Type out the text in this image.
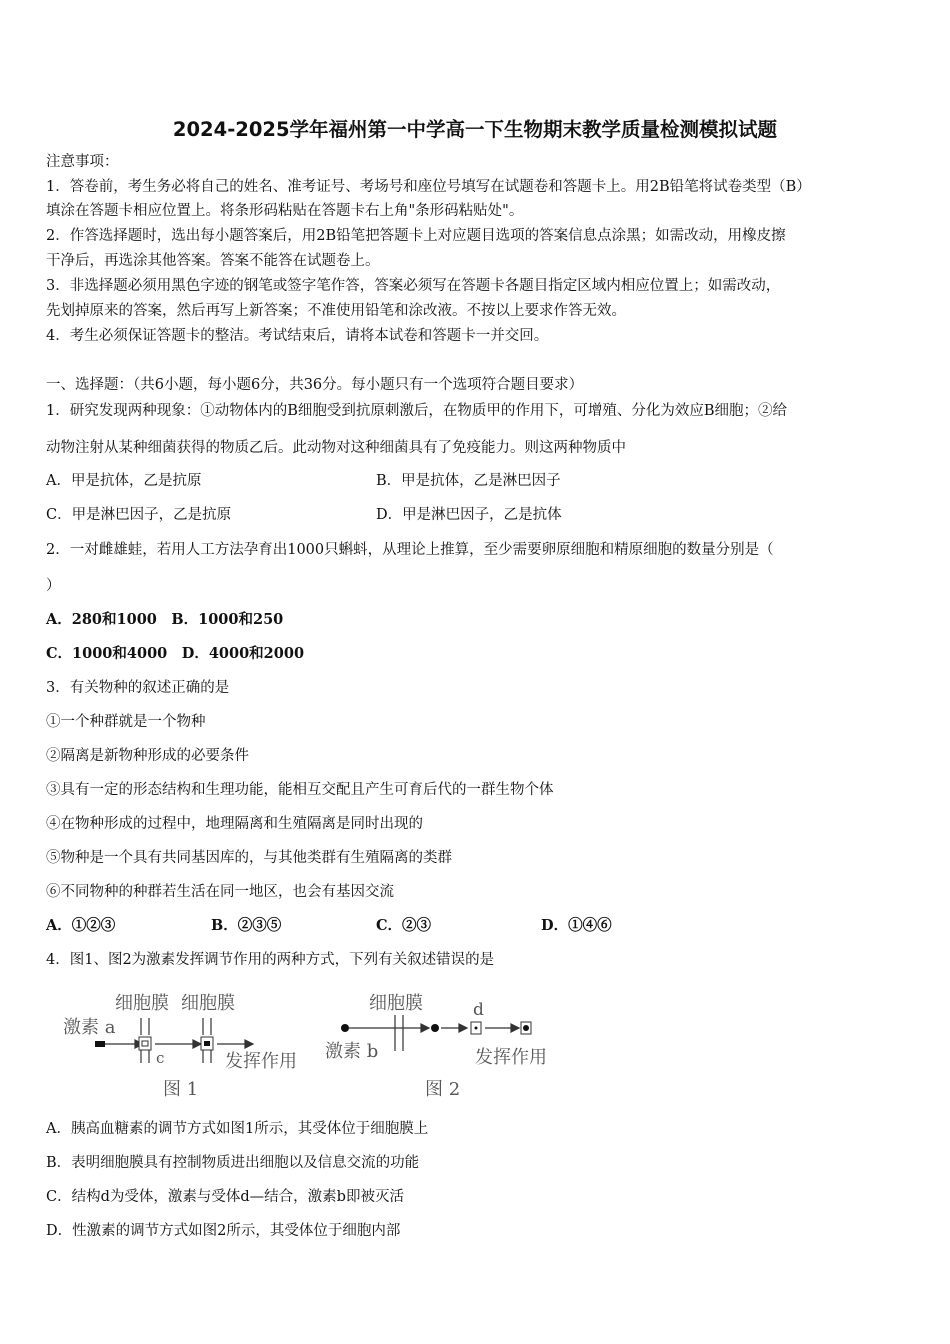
2024-2025学年福州第一中学高一下生物期末教学质量检测模拟试题
注意事项：
1．答卷前，考生务必将自己的姓名、准考证号、考场号和座位号填写在试题卷和答题卡上。用2B铅笔将试卷类型（B）
填涂在答题卡相应位置上。将条形码粘贴在答题卡右上角"条形码粘贴处"。
2．作答选择题时，选出每小题答案后，用2B铅笔把答题卡上对应题目选项的答案信息点涂黑；如需改动，用橡皮擦
干净后，再选涂其他答案。答案不能答在试题卷上。
3．非选择题必须用黑色字迹的钢笔或签字笔作答，答案必须写在答题卡各题目指定区域内相应位置上；如需改动，
先划掉原来的答案，然后再写上新答案；不准使用铅笔和涂改液。不按以上要求作答无效。
4．考生必须保证答题卡的整洁。考试结束后，请将本试卷和答题卡一并交回。
一、选择题：（共6小题，每小题6分，共36分。每小题只有一个选项符合题目要求）
1．研究发现两种现象：①动物体内的B细胞受到抗原刺激后，在物质甲的作用下，可增殖、分化为效应B细胞；②给
动物注射从某种细菌获得的物质乙后。此动物对这种细菌具有了免疫能力。则这两种物质中
A．甲是抗体，乙是抗原	B．甲是抗体，乙是淋巴因子
C．甲是淋巴因子，乙是抗原	D．甲是淋巴因子，乙是抗体
2．一对雌雄蛙，若用人工方法孕育出1000只蝌蚪，从理论上推算，至少需要卵原细胞和精原细胞的数量分别是（
）
A．280和1000　B．1000和250
C．1000和4000　D．4000和2000
3．有关物种的叙述正确的是
①一个种群就是一个物种
②隔离是新物种形成的必要条件
③具有一定的形态结构和生理功能，能相互交配且产生可育后代的一群生物个体
④在物种形成的过程中，地理隔离和生殖隔离是同时出现的
⑤物种是一个具有共同基因库的，与其他类群有生殖隔离的类群
⑥不同物种的种群若生活在同一地区，也会有基因交流
A．①②③	B．②③⑤	C．②③	D．①④⑥
4．图1、图2为激素发挥调节作用的两种方式，下列有关叙述错误的是
细胞膜 细胞膜
激素 a
c	发挥作用
图 1
细胞膜	d
激素 b	发挥作用
图 2
A．胰高血糖素的调节方式如图1所示，其受体位于细胞膜上
B．表明细胞膜具有控制物质进出细胞以及信息交流的功能
C．结构d为受体，激素与受体d—结合，激素b即被灭活
D．性激素的调节方式如图2所示，其受体位于细胞内部
